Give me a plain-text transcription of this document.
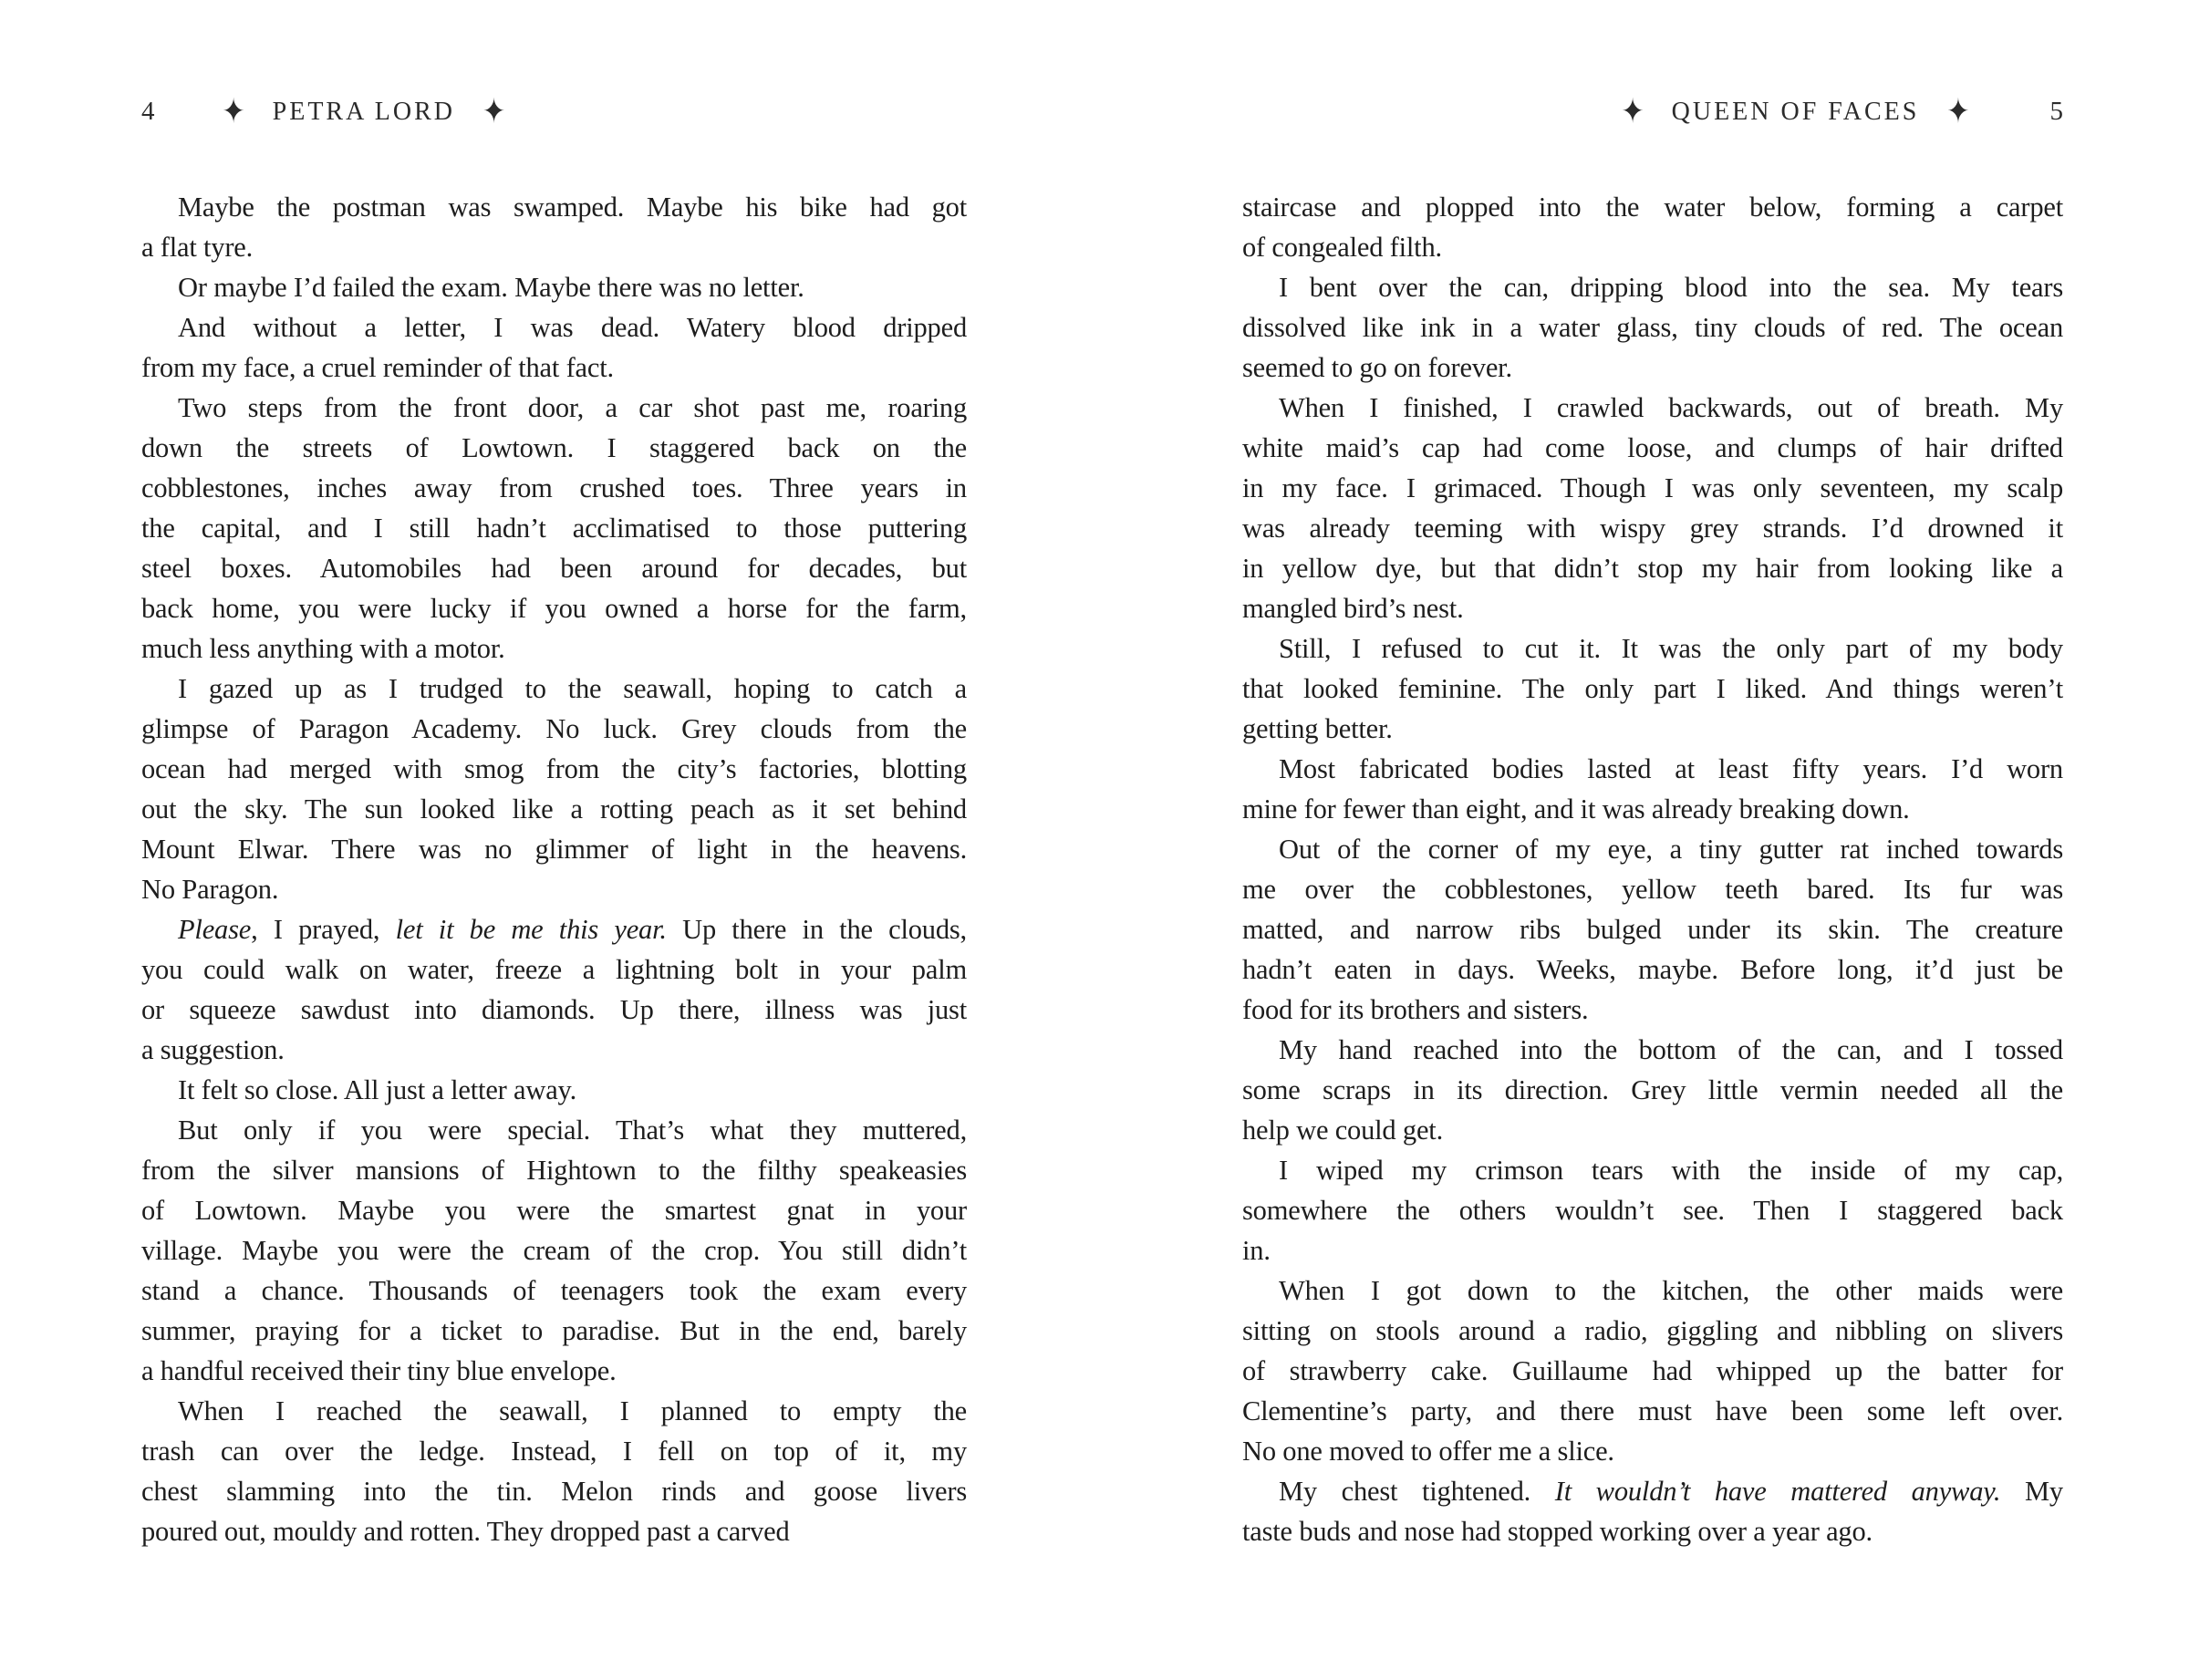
4 ✦ PETRA LORD ✦
Maybe the postman was swamped. Maybe his bike had got
a flat tyre.
Or maybe I’d failed the exam. Maybe there was no letter.
And without a letter, I was dead. Watery blood dripped
from my face, a cruel reminder of that fact.
Two steps from the front door, a car shot past me, roaring
down the streets of Lowtown. I staggered back on the
cobblestones, inches away from crushed toes. Three years in
the capital, and I still hadn’t acclimatised to those puttering
steel boxes. Automobiles had been around for decades, but
back home, you were lucky if you owned a horse for the farm,
much less anything with a motor.
I gazed up as I trudged to the seawall, hoping to catch a
glimpse of Paragon Academy. No luck. Grey clouds from the
ocean had merged with smog from the city’s factories, blotting
out the sky. The sun looked like a rotting peach as it set behind
Mount Elwar. There was no glimmer of light in the heavens.
No Paragon.
Please, I prayed, let it be me this year. Up there in the clouds,
you could walk on water, freeze a lightning bolt in your palm
or squeeze sawdust into diamonds. Up there, illness was just
a suggestion.
It felt so close. All just a letter away.
But only if you were special. That’s what they muttered,
from the silver mansions of Hightown to the filthy speakeasies
of Lowtown. Maybe you were the smartest gnat in your
village. Maybe you were the cream of the crop. You still didn’t
stand a chance. Thousands of teenagers took the exam every
summer, praying for a ticket to paradise. But in the end, barely
a handful received their tiny blue envelope.
When I reached the seawall, I planned to empty the
trash can over the ledge. Instead, I fell on top of it, my
chest slamming into the tin. Melon rinds and goose livers
poured out, mouldy and rotten. They dropped past a carved
✦ QUEEN OF FACES ✦	5
staircase and plopped into the water below, forming a carpet
of congealed filth.
I bent over the can, dripping blood into the sea. My tears
dissolved like ink in a water glass, tiny clouds of red. The ocean
seemed to go on forever.
When I finished, I crawled backwards, out of breath. My
white maid’s cap had come loose, and clumps of hair drifted
in my face. I grimaced. Though I was only seventeen, my scalp
was already teeming with wispy grey strands. I’d drowned it
in yellow dye, but that didn’t stop my hair from looking like a
mangled bird’s nest.
Still, I refused to cut it. It was the only part of my body
that looked feminine. The only part I liked. And things weren’t
getting better.
Most fabricated bodies lasted at least fifty years. I’d worn
mine for fewer than eight, and it was already breaking down.
Out of the corner of my eye, a tiny gutter rat inched towards
me over the cobblestones, yellow teeth bared. Its fur was
matted, and narrow ribs bulged under its skin. The creature
hadn’t eaten in days. Weeks, maybe. Before long, it’d just be
food for its brothers and sisters.
My hand reached into the bottom of the can, and I tossed
some scraps in its direction. Grey little vermin needed all the
help we could get.
I wiped my crimson tears with the inside of my cap,
somewhere the others wouldn’t see. Then I staggered back
in.
When I got down to the kitchen, the other maids were
sitting on stools around a radio, giggling and nibbling on slivers
of strawberry cake. Guillaume had whipped up the batter for
Clementine’s party, and there must have been some left over.
No one moved to offer me a slice.
My chest tightened. It wouldn’t have mattered anyway. My
taste buds and nose had stopped working over a year ago.
